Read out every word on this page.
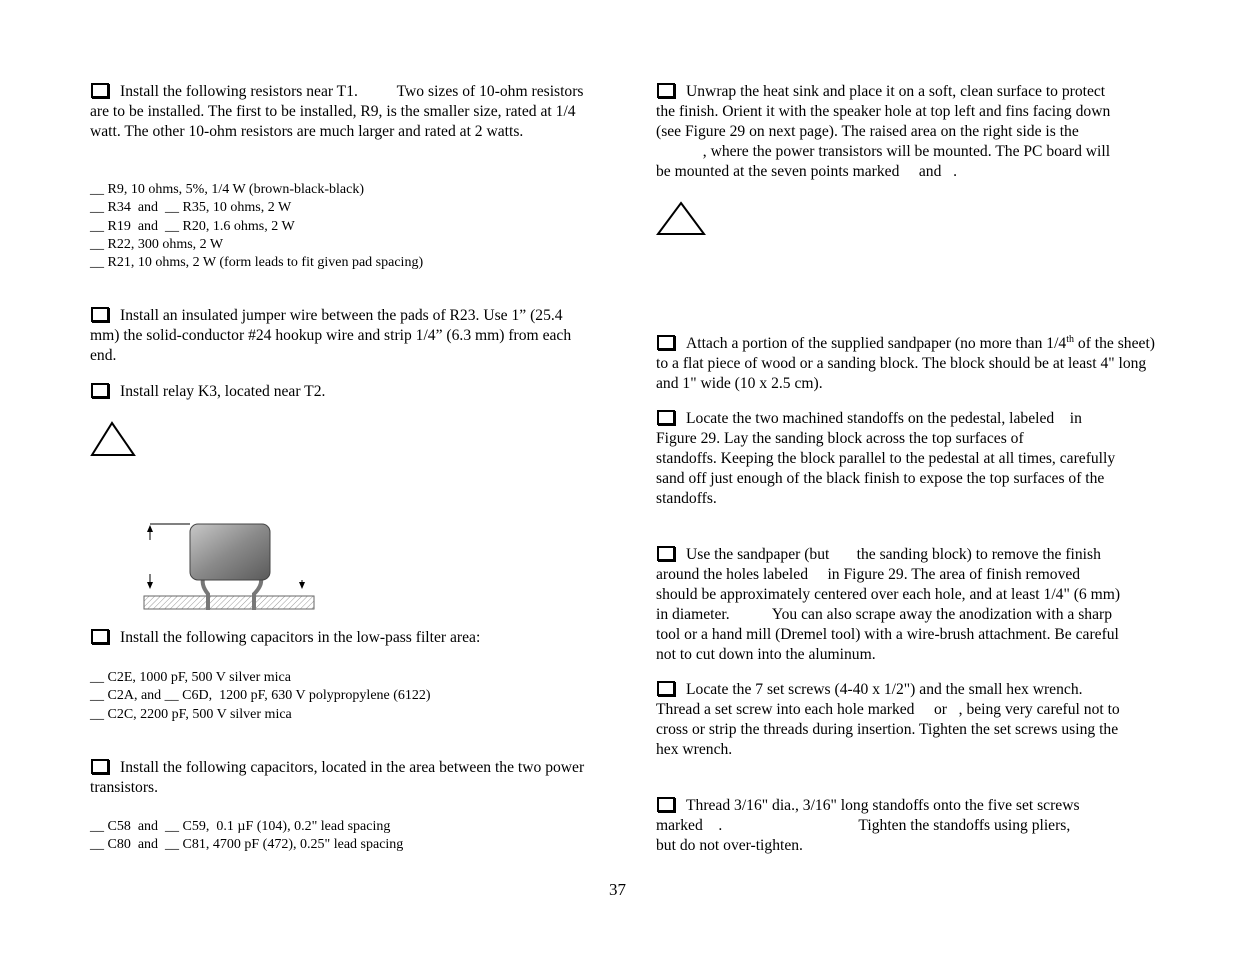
Install the following resistors near T1.          Two sizes of 10-ohm resistors are to be installed. The first to be installed, R9, is the smaller size, rated at 1/4 watt. The other 10-ohm resistors are much larger and rated at 2 watts.

__ R9, 10 ohms, 5%, 1/4 W (brown-black-black)
__ R34  and  __ R35, 10 ohms, 2 W
__ R19  and  __ R20, 1.6 ohms, 2 W
__ R22, 300 ohms, 2 W
__ R21, 10 ohms, 2 W (form leads to fit given pad spacing)

Install an insulated jumper wire between the pads of R23. Use 1” (25.4 mm) the solid-conductor #24 hookup wire and strip 1/4” (6.3 mm) from each end.

Install relay K3, located near T2.

Install the following capacitors in the low-pass filter area:

__ C2E, 1000 pF, 500 V silver mica
__ C2A, and __ C6D,  1200 pF, 630 V polypropylene (6122)
__ C2C, 2200 pF, 500 V silver mica

Install the following capacitors, located in the area between the two power transistors.

__ C58  and  __ C59,  0.1 µF (104), 0.2" lead spacing
__ C80  and  __ C81, 4700 pF (472), 0.25" lead spacing

Unwrap the heat sink and place it on a soft, clean surface to protect
the finish. Orient it with the speaker hole at top left and fins facing down
(see Figure 29 on next page). The raised area on the right side is the
, where the power transistors will be mounted. The PC board will
be mounted at the seven points marked     and   .

Attach a portion of the supplied sandpaper (no more than 1/4th of the sheet) to a flat piece of wood or a sanding block. The block should be at least 4" long and 1" wide (10 x 2.5 cm).

Locate the two machined standoffs on the pedestal, labeled    in
Figure 29. Lay the sanding block across the top surfaces of
standoffs. Keeping the block parallel to the pedestal at all times, carefully
sand off just enough of the black finish to expose the top surfaces of the
standoffs.

Use the sandpaper (but       the sanding block) to remove the finish
around the holes labeled     in Figure 29. The area of finish removed
should be approximately centered over each hole, and at least 1/4" (6 mm)
in diameter.           You can also scrape away the anodization with a sharp
tool or a hand mill (Dremel tool) with a wire-brush attachment. Be careful
not to cut down into the aluminum.

Locate the 7 set screws (4-40 x 1/2") and the small hex wrench.
Thread a set screw into each hole marked     or   , being very careful not to
cross or strip the threads during insertion. Tighten the set screws using the
hex wrench.

Thread 3/16" dia., 3/16" long standoffs onto the five set screws
marked    .                                   Tighten the standoffs using pliers,
but do not over-tighten.

37
